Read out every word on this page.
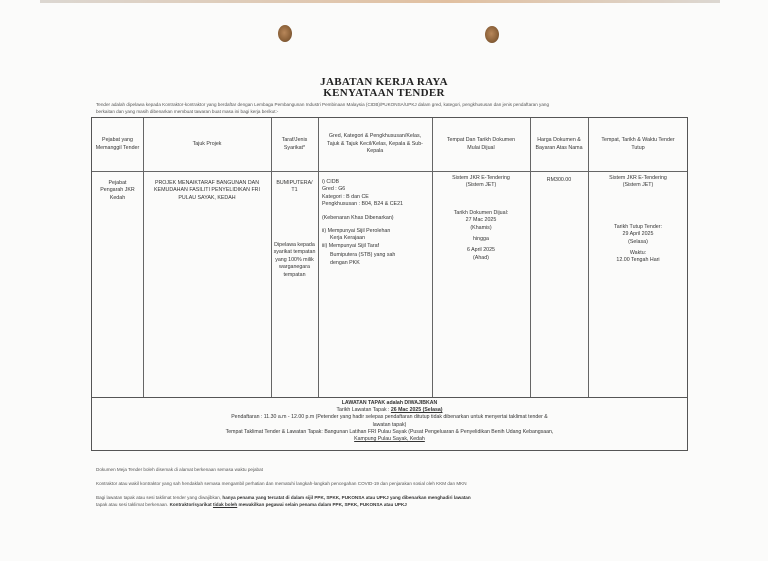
JABATAN KERJA RAYA
KENYATAAN TENDER
Tender adalah dipelawa kepada Kontraktor-kontraktor yang berdaftar dengan Lembaga Pembangunan Industri Pembinaan Malaysia (CIDB)/PUKONSA/UPKJ dalam gred, kategori, pengkhususan dan jenis pendaftaran yang
berkaitan dan yang masih dibenarkan membuat tawaran buat masa ini bagi kerja berikut:-
Pejabat yang Memanggil Tender
Tajuk Projek
Taraf/Jenis Syarikat*
Gred, Kategori & Pengkhususan/Kelas, Tajuk & Tajuk Kecil/Kelas, Kepala & Sub-Kepala
Tempat Dan Tarikh Dokumen Mulai Dijual
Harga Dokumen & Bayaran Atas Nama
Tempat, Tarikh & Waktu Tender Tutup
Pejabat Pengarah JKR Kedah
PROJEK MENAIKTARAF BANGUNAN DAN KEMUDAHAN FASILITI PENYELIDIKAN FRI PULAU SAYAK, KEDAH
BUMIPUTERA/ T1
Dipelawa kepada syarikat tempatan yang 100% milik warganegara tempatan
i) CIDB
Gred : G6
Kategori : B dan CE
Pengkhususan : B04, B24 & CE21
(Kebenaran Khas Dibenarkan)
ii) Mempunyai Sijil Perolehan
Kerja Kerajaan
iii) Mempunyai Sijil Taraf
Bumiputera (STB) yang sah
dengan PKK
Sistem JKR E-Tendering
(Sistem JET)
Tarikh Dokumen Dijual:
27 Mac 2025
(Khamis)
hingga
6 April 2025
(Ahad)
RM300.00	Sistem JKR E-Tendering
(Sistem JET)
Tarikh Tutup Tender:
29 April 2025
(Selasa)
Waktu:
12.00 Tengah Hari
LAWATAN TAPAK adalah DIWAJIBKAN
Tarikh Lawatan Tapak : 26 Mac 2025 (Selasa)
Pendaftaran : 11.30 a.m - 12.00 p.m (Petender yang hadir selepas pendaftaran ditutup tidak dibenarkan untuk menyertai taklimat tender &
lawatan tapak)
Tempat Taklimat Tender & Lawatan Tapak: Bangunan Latihan FRI Pulau Sayak (Pusat Pengeluaran & Penyelidikan Benih Udang Kebangsaan,
Kampung Pulau Sayak, Kedah
Dokumen Meja Tender boleh disemak di alamat berkenaan semasa waktu pejabat
Kontraktor atau wakil kontraktor yang sah hendaklah semasa mengambil perhatian dan mematuhi langkah-langkah pencegahan COVID-19 dan penjarakan sosial oleh KKM dan MKN
Bagi lawatan tapak atau sesi taklimat tender yang diwajibkan, hanya penama yang tercatat di dalam sijil PPK, SPKK, PUKONSA atau UPKJ yang dibenarkan menghadiri lawatan
tapak atau sesi taklimat berkenaan. Kontraktor/syarikat tidak boleh mewakilkan pegawai selain penama dalam PPK, SPKK, PUKONSA atau UPKJ
